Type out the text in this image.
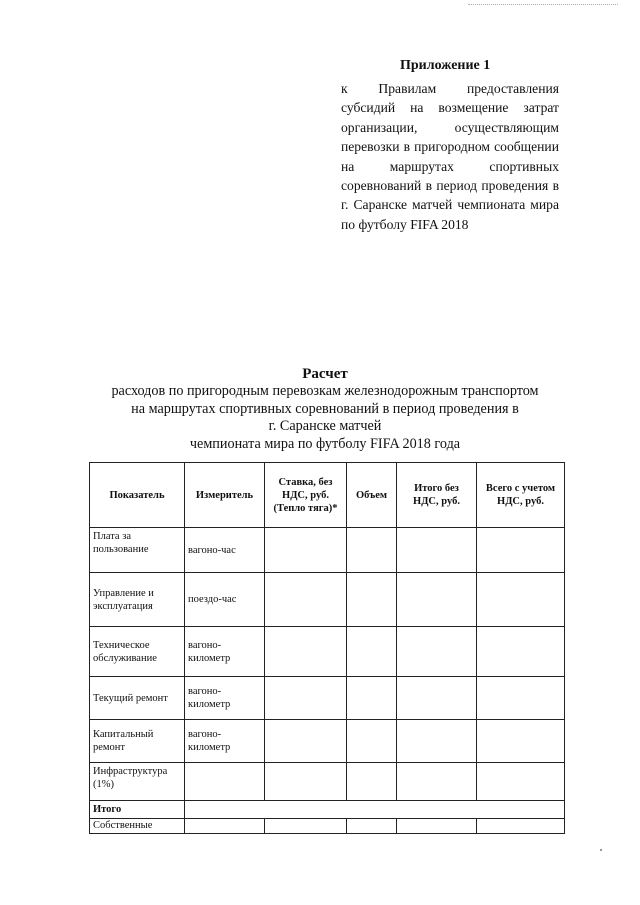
Приложение 1
к Правилам предоставления субсидий на возмещение затрат организации, осуществляющим перевозки в пригородном сообщении на маршрутах спортивных соревнований в период проведения в г. Саранске матчей чемпионата мира по футболу FIFA 2018
Расчет
расходов по пригородным перевозкам железнодорожным транспортом
на маршрутах спортивных соревнований в период проведения в
г. Саранске матчей
чемпионата мира по футболу FIFA 2018 года
Показатель	Измеритель	Ставка, без НДС, руб. (Тепло тяга)*	Объем	Итого без НДС, руб.	Всего с учетом НДС, руб.
Плата за пользование	вагоно-час				
Управление и эксплуатация	поездо-час				
Техническое обслуживание	вагоно-километр				
Текущий ремонт	вагоно-километр				
Капитальный ремонт	вагоно-километр				
Инфраструктура (1%)					
Итого					
Собственные					
